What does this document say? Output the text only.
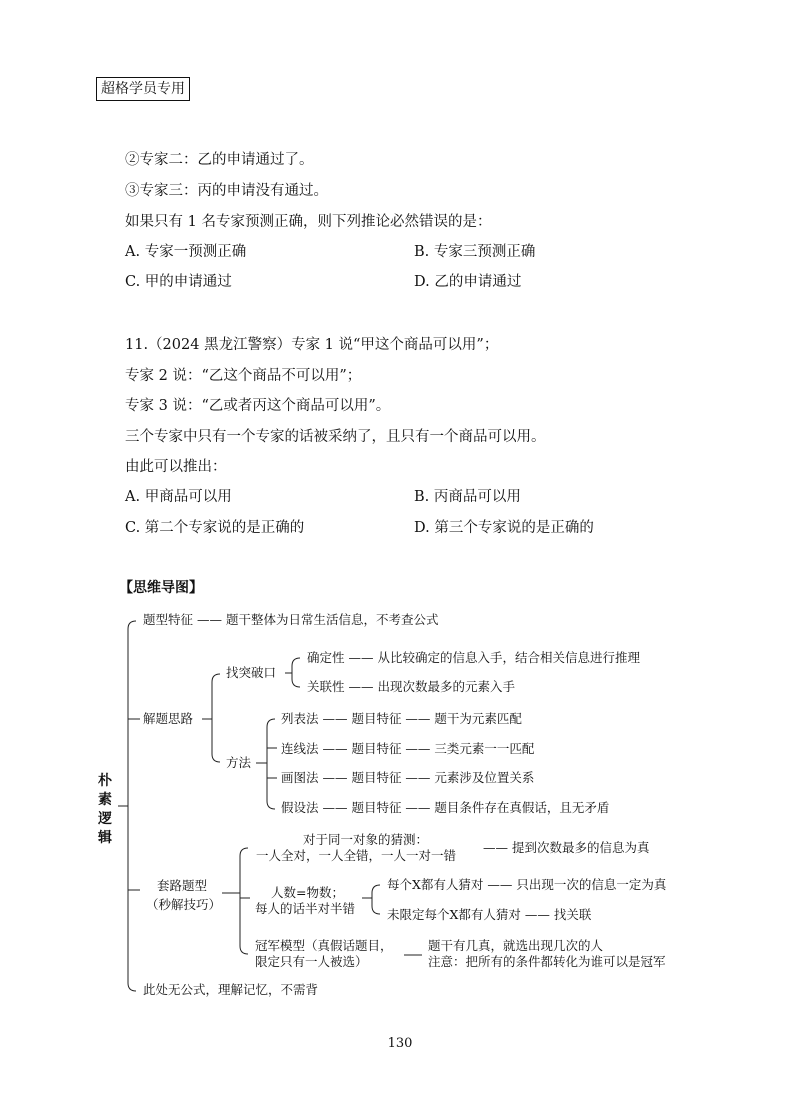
超格学员专用
②专家二：乙的申请通过了。
③专家三：丙的申请没有通过。
如果只有 1 名专家预测正确，则下列推论必然错误的是：
A. 专家一预测正确	B. 专家三预测正确
C. 甲的申请通过	D. 乙的申请通过
11.（2024 黑龙江警察）专家 1 说“甲这个商品可以用”；
专家 2 说：“乙这个商品不可以用”；
专家 3 说：“乙或者丙这个商品可以用”。
三个专家中只有一个专家的话被采纳了，且只有一个商品可以用。
由此可以推出：
A. 甲商品可以用	B. 丙商品可以用
C. 第二个专家说的是正确的	D. 第三个专家说的是正确的
【思维导图】
朴素逻辑
题型特征 —— 题干整体为日常生活信息，不考查公式
解题思路
找突破口
确定性 —— 从比较确定的信息入手，结合相关信息进行推理
关联性 —— 出现次数最多的元素入手
方法
列表法 —— 题目特征 —— 题干为元素匹配
连线法 —— 题目特征 —— 三类元素一一匹配
画图法 —— 题目特征 —— 元素涉及位置关系
假设法 —— 题目特征 —— 题目条件存在真假话，且无矛盾
套路题型
（秒解技巧）
对于同一对象的猜测：
一人全对，一人全错，一人一对一错
—— 提到次数最多的信息为真
人数=物数；
每人的话半对半错
每个X都有人猜对 —— 只出现一次的信息一定为真
未限定每个X都有人猜对 —— 找关联
冠军模型（真假话题目，
限定只有一人被选）
题干有几真，就选出现几次的人
注意：把所有的条件都转化为谁可以是冠军
此处无公式，理解记忆，不需背
130
